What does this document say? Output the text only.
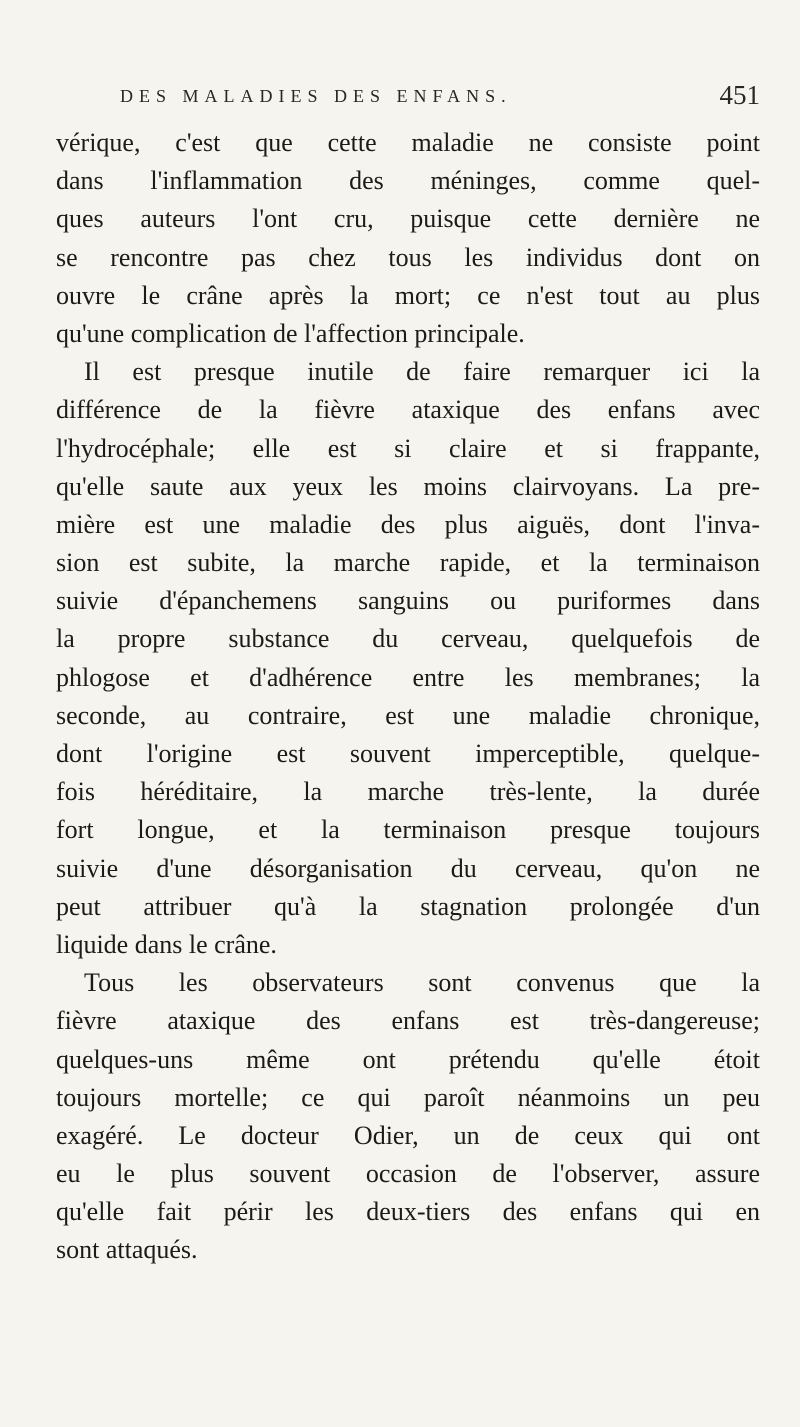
DES MALADIES DES ENFANS.	451
vérique, c'est que cette maladie ne consiste point
dans l'inflammation des méninges, comme quel-
ques auteurs l'ont cru, puisque cette dernière ne
se rencontre pas chez tous les individus dont on
ouvre le crâne après la mort; ce n'est tout au plus
qu'une complication de l'affection principale.
Il est presque inutile de faire remarquer ici la
différence de la fièvre ataxique des enfans avec
l'hydrocéphale; elle est si claire et si frappante,
qu'elle saute aux yeux les moins clairvoyans. La pre-
mière est une maladie des plus aiguës, dont l'inva-
sion est subite, la marche rapide, et la terminaison
suivie d'épanchemens sanguins ou puriformes dans
la propre substance du cerveau, quelquefois de
phlogose et d'adhérence entre les membranes; la
seconde, au contraire, est une maladie chronique,
dont l'origine est souvent imperceptible, quelque-
fois héréditaire, la marche très-lente, la durée
fort longue, et la terminaison presque toujours
suivie d'une désorganisation du cerveau, qu'on ne
peut attribuer qu'à la stagnation prolongée d'un
liquide dans le crâne.
Tous les observateurs sont convenus que la
fièvre ataxique des enfans est très-dangereuse;
quelques-uns même ont prétendu qu'elle étoit
toujours mortelle; ce qui paroît néanmoins un peu
exagéré. Le docteur Odier, un de ceux qui ont
eu le plus souvent occasion de l'observer, assure
qu'elle fait périr les deux-tiers des enfans qui en
sont attaqués.
